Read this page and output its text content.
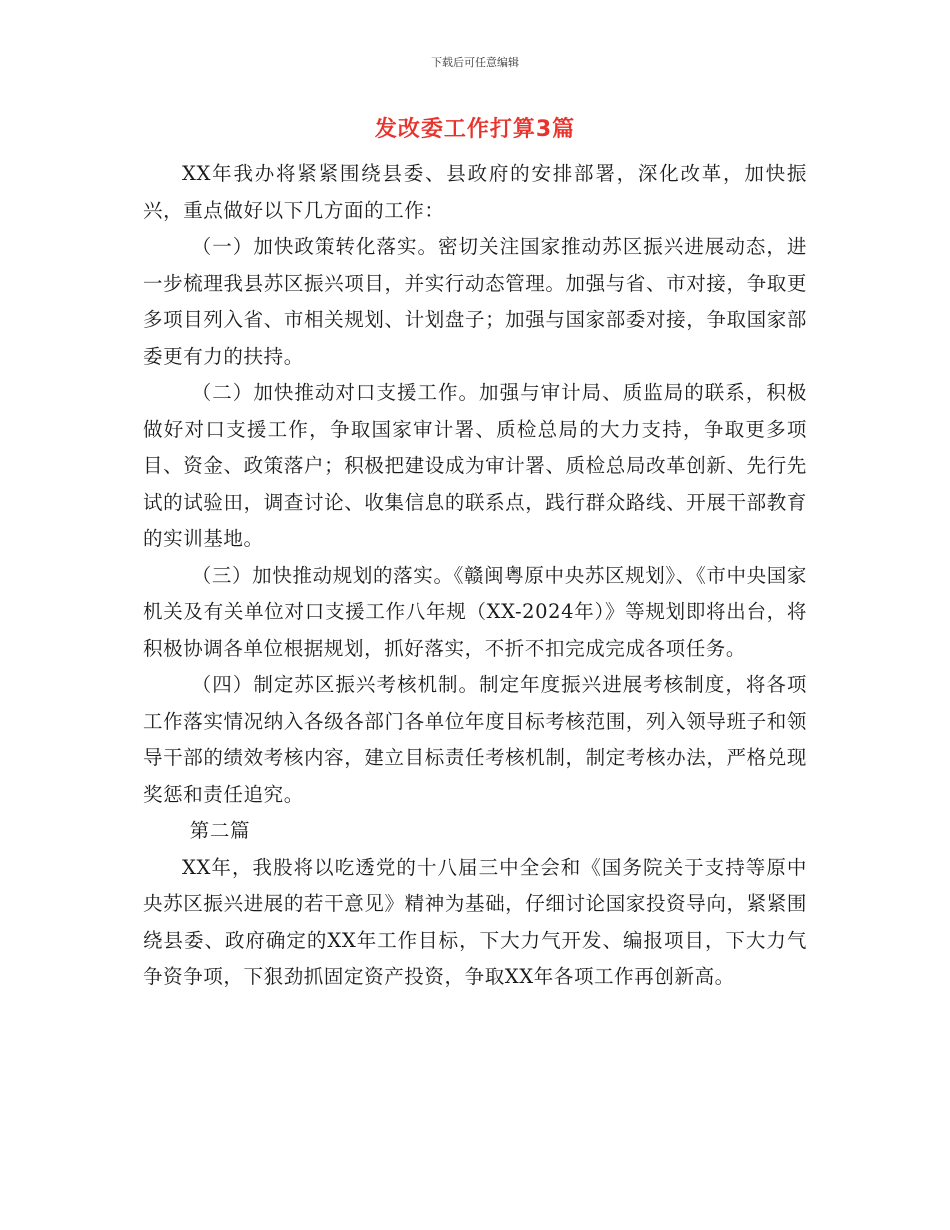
下载后可任意编辑
发改委工作打算3篇

XX年我办将紧紧围绕县委、县政府的安排部署，深化改革，加快振兴，重点做好以下几方面的工作：

（一）加快政策转化落实。密切关注国家推动苏区振兴进展动态，进一步梳理我县苏区振兴项目，并实行动态管理。加强与省、市对接，争取更多项目列入省、市相关规划、计划盘子；加强与国家部委对接，争取国家部委更有力的扶持。

（二）加快推动对口支援工作。加强与审计局、质监局的联系，积极做好对口支援工作，争取国家审计署、质检总局的大力支持，争取更多项目、资金、政策落户；积极把建设成为审计署、质检总局改革创新、先行先试的试验田，调查讨论、收集信息的联系点，践行群众路线、开展干部教育的实训基地。

（三）加快推动规划的落实。《赣闽粤原中央苏区规划》、《市中央国家机关及有关单位对口支援工作八年规（XX-2024年）》等规划即将出台，将积极协调各单位根据规划，抓好落实，不折不扣完成完成各项任务。

（四）制定苏区振兴考核机制。制定年度振兴进展考核制度，将各项工作落实情况纳入各级各部门各单位年度目标考核范围，列入领导班子和领导干部的绩效考核内容，建立目标责任考核机制，制定考核办法，严格兑现奖惩和责任追究。

第二篇

XX年，我股将以吃透党的十八届三中全会和《国务院关于支持等原中央苏区振兴进展的若干意见》精神为基础，仔细讨论国家投资导向，紧紧围绕县委、政府确定的XX年工作目标，下大力气开发、编报项目，下大力气争资争项，下狠劲抓固定资产投资，争取XX年各项工作再创新高。
